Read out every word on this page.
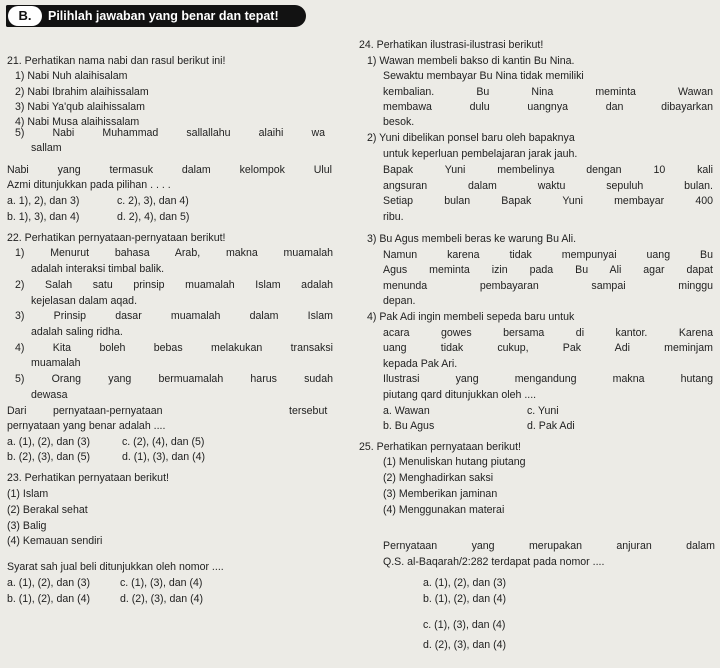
B.	Pilihlah jawaban yang benar dan tepat!
21. Perhatikan nama nabi dan rasul berikut ini!
1) Nabi Nuh alaihisalam
2) Nabi Ibrahim alaihissalam
3) Nabi Ya'qub alaihissalam
4) Nabi Musa alaihissalam
5) Nabi Muhammad sallallahu alaihi wa
sallam
Nabi yang termasuk dalam kelompok Ulul
Azmi ditunjukkan pada pilihan . . . .
a. 1), 2), dan 3)	c. 2), 3), dan 4)
b. 1), 3), dan 4)	d. 2), 4), dan 5)
22. Perhatikan pernyataan-pernyataan berikut!
1) Menurut bahasa Arab, makna muamalah
adalah interaksi timbal balik.
2) Salah satu prinsip muamalah Islam adalah
kejelasan dalam aqad.
3) Prinsip dasar muamalah dalam Islam
adalah saling ridha.
4) Kita boleh bebas melakukan transaksi
muamalah
5) Orang yang bermuamalah harus sudah
dewasa
Dari	pernyataan-pernyataan	tersebut
pernyataan yang benar adalah ....
a. (1), (2), dan (3)	c. (2), (4), dan (5)
b. (2), (3), dan (5)	d. (1), (3), dan (4)
23. Perhatikan pernyataan berikut!
(1) Islam
(2) Berakal sehat
(3) Balig
(4) Kemauan sendiri
Syarat sah jual beli ditunjukkan oleh nomor ....
a. (1), (2), dan (3)	c. (1), (3), dan (4)
b. (1), (2), dan (4)	d. (2), (3), dan (4)
24. Perhatikan ilustrasi-ilustrasi berikut!
1) Wawan membeli bakso di kantin Bu Nina.
Sewaktu membayar Bu Nina tidak memiliki
kembalian. Bu Nina meminta Wawan
membawa dulu uangnya dan dibayarkan
besok.
2) Yuni dibelikan ponsel baru oleh bapaknya
untuk keperluan pembelajaran jarak jauh.
Bapak Yuni membelinya dengan 10 kali
angsuran dalam waktu sepuluh bulan.
Setiap bulan Bapak Yuni membayar 400
ribu.
3) Bu Agus membeli beras ke warung Bu Ali.
Namun karena tidak mempunyai uang Bu
Agus meminta izin pada Bu Ali agar dapat
menunda pembayaran sampai minggu
depan.
4) Pak Adi ingin membeli sepeda baru untuk
acara gowes bersama di kantor. Karena
uang tidak cukup, Pak Adi meminjam
kepada Pak Ari.
Ilustrasi yang mengandung makna hutang
piutang qard ditunjukkan oleh ....
a. Wawan	c. Yuni
b. Bu Agus	d. Pak Adi
25. Perhatikan pernyataan berikut!
(1) Menuliskan hutang piutang
(2) Menghadirkan saksi
(3) Memberikan jaminan
(4) Menggunakan materai
Pernyataan yang merupakan anjuran dalam
Q.S. al-Baqarah/2:282 terdapat pada nomor ....
a. (1), (2), dan (3)
b. (1), (2), dan (4)
c. (1), (3), dan (4)
d. (2), (3), dan (4)
